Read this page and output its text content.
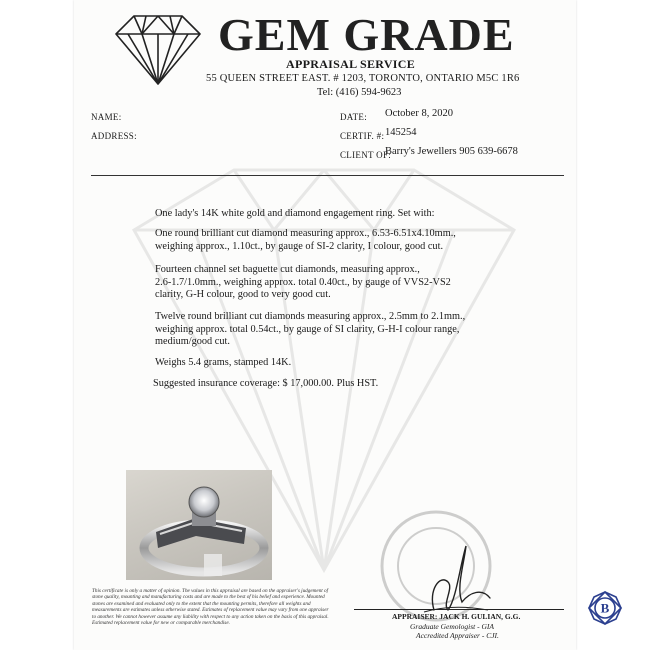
GEM GRADE
APPRAISAL SERVICE
55 QUEEN STREET EAST. # 1203, TORONTO, ONTARIO M5C 1R6
Tel: (416) 594-9623
NAME:
ADDRESS:
DATE: October 8, 2020
CERTIF. #: 145254
CLIENT OF:
Barry's Jewellers 905 639-6678
One lady's 14K white gold and diamond engagement ring. Set with:
One round brilliant cut diamond measuring approx., 6.53-6.51x4.10mm.,
weighing approx., 1.10ct., by gauge of SI-2 clarity, I colour, good cut.
Fourteen channel set baguette cut diamonds, measuring approx.,
2.6-1.7/1.0mm., weighing approx. total 0.40ct., by gauge of VVS2-VS2
clarity, G-H colour, good to very good cut.
Twelve round brilliant cut diamonds measuring approx., 2.5mm to 2.1mm.,
weighing approx. total 0.54ct., by gauge of SI clarity, G-H-I colour range,
medium/good cut.
Weighs 5.4 grams, stamped 14K.
Suggested insurance coverage: $ 17,000.00. Plus HST.
This certificate is only a matter of opinion. The values in this appraisal are based on the appraiser's judgement of stone quality, mounting and manufacturing costs and are made to the best of his belief and experience. Mounted stones are examined and evaluated only to the extent that the mounting permits, therefore all weights and measurements are estimates unless otherwise stated. Estimates of replacement value may vary from one appraiser to another. We cannot however assume any liability with respect to any action taken on the basis of this appraisal. Estimated replacement value for new or comparable merchandise.
APPRAISER: JACK H. GULIAN, G.G.
Graduate Gemologist - GIA
Accredited Appraiser - CJI.
B
